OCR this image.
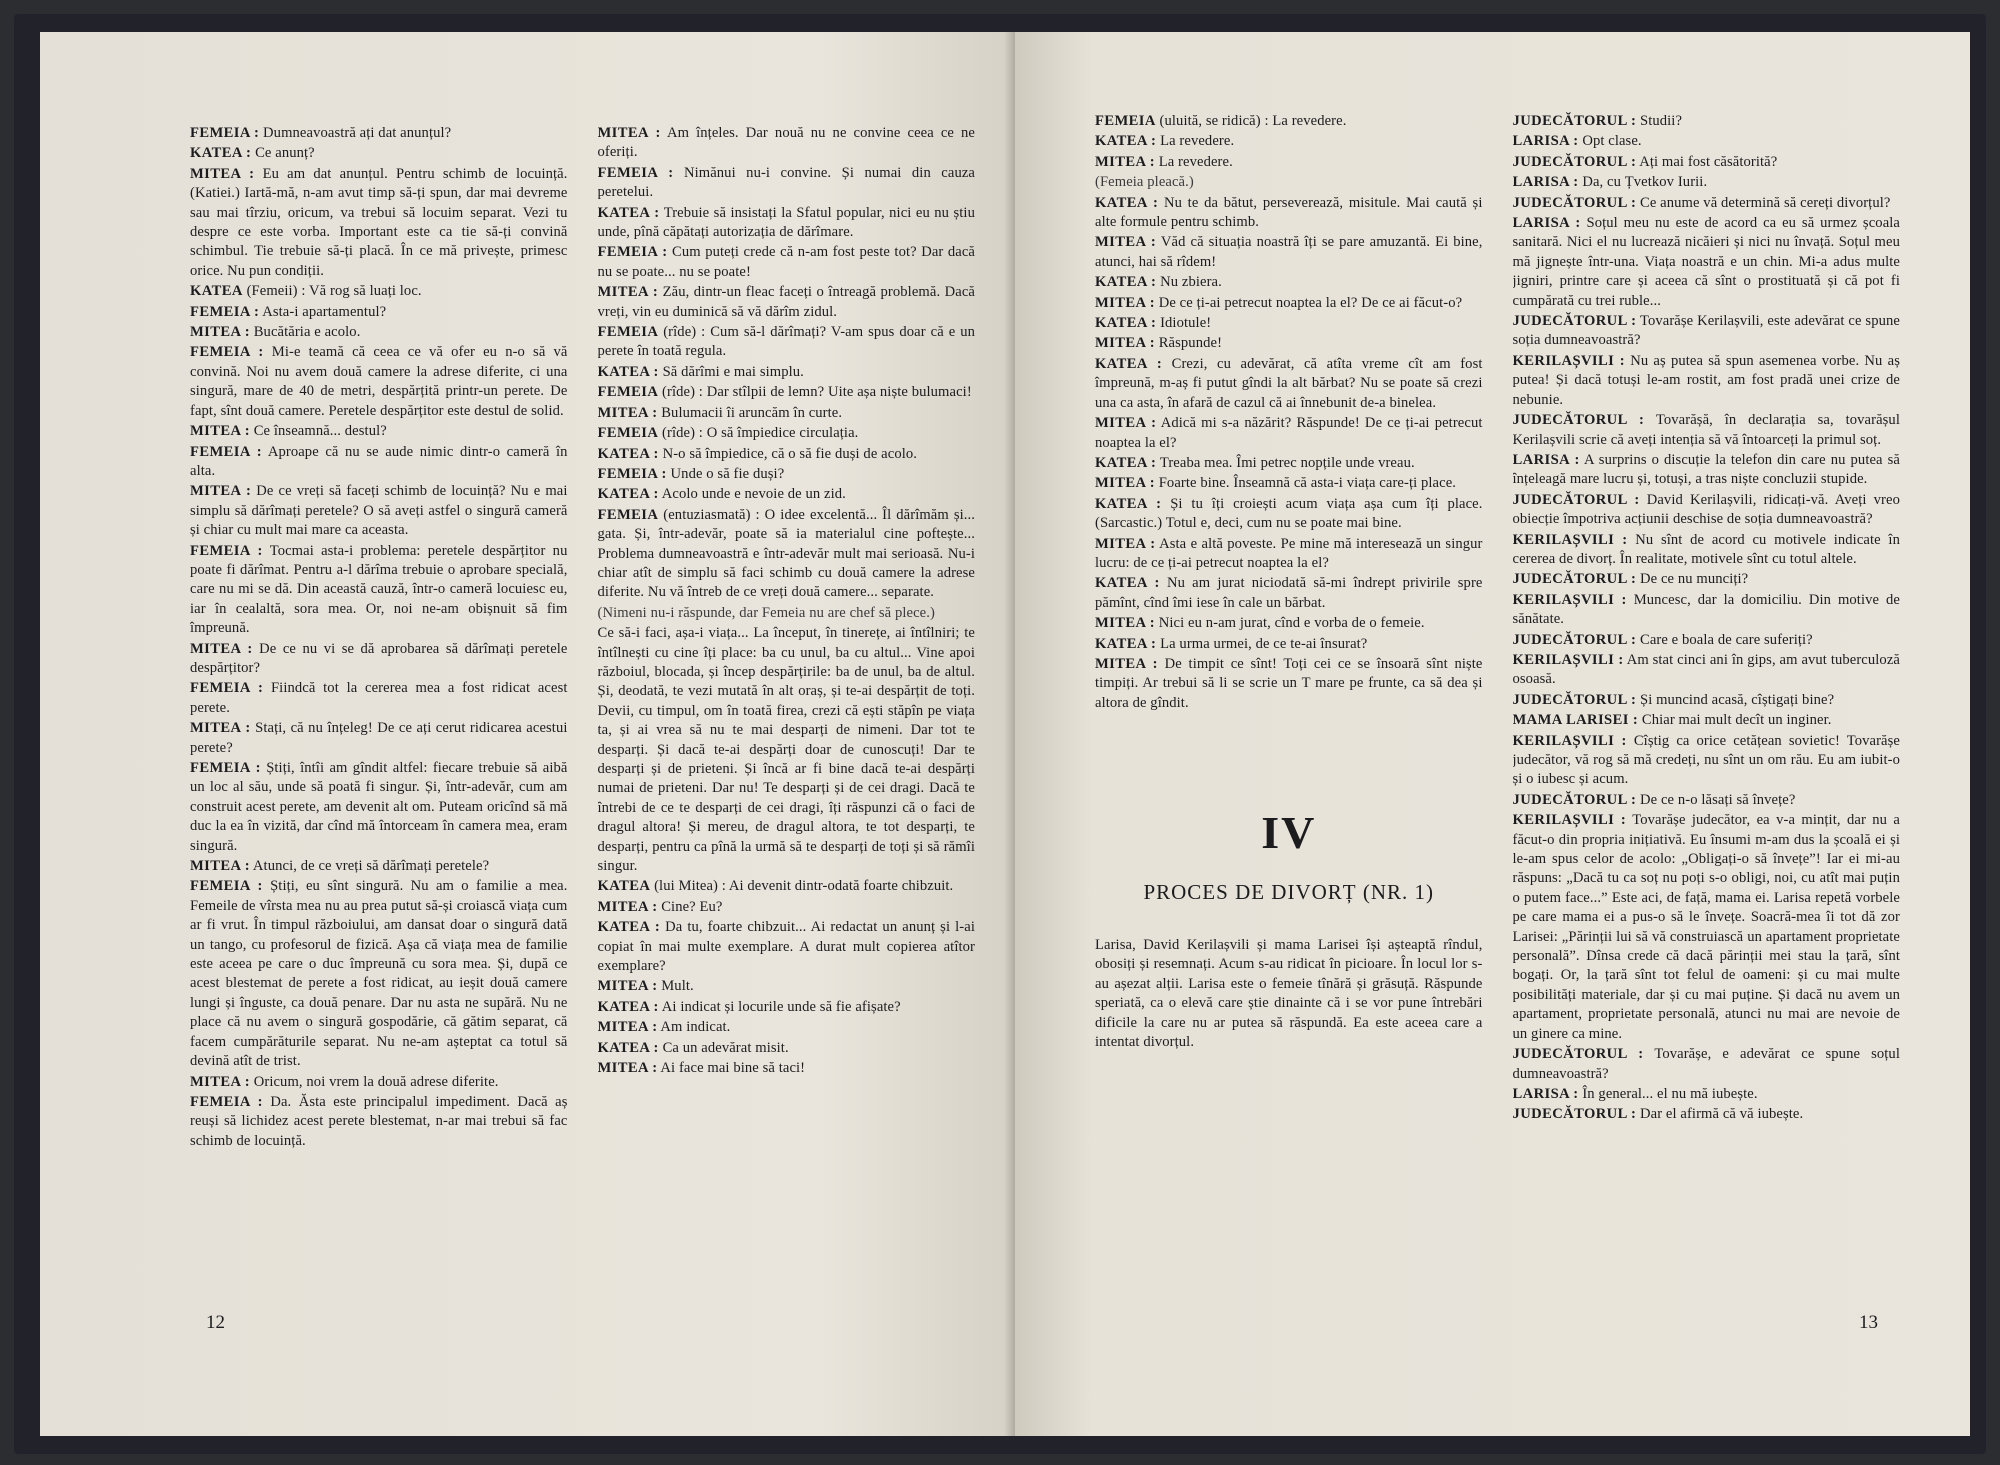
FEMEIA : Dumneavoastră ați dat anunțul?

KATEA : Ce anunț?

MITEA : Eu am dat anunțul. Pentru schimb de locuință. (Katiei.) Iartă-mă, n-am avut timp să-ți spun, dar mai devreme sau mai tîrziu, oricum, va trebui să locuim separat. Vezi tu despre ce este vorba. Important este ca tie să-ți convină schimbul. Tie trebuie să-ți placă. În ce mă privește, primesc orice. Nu pun condiții.

KATEA (Femeii) : Vă rog să luați loc.

FEMEIA : Asta-i apartamentul?

MITEA : Bucătăria e acolo.

FEMEIA : Mi-e teamă că ceea ce vă ofer eu n-o să vă convină. Noi nu avem două camere la adrese diferite, ci una singură, mare de 40 de metri, despărțită printr-un perete. De fapt, sînt două camere. Peretele despărțitor este destul de solid.

MITEA : Ce înseamnă... destul?

FEMEIA : Aproape că nu se aude nimic dintr-o cameră în alta.

MITEA : De ce vreți să faceți schimb de locuință? Nu e mai simplu să dărîmați peretele? O să aveți astfel o singură cameră și chiar cu mult mai mare ca aceasta.

FEMEIA : Tocmai asta-i problema: peretele despărțitor nu poate fi dărîmat. Pentru a-l dărîma trebuie o aprobare specială, care nu mi se dă. Din această cauză, într-o cameră locuiesc eu, iar în cealaltă, sora mea. Or, noi ne-am obișnuit să fim împreună.

MITEA : De ce nu vi se dă aprobarea să dărîmați peretele despărțitor?

FEMEIA : Fiindcă tot la cererea mea a fost ridicat acest perete.

MITEA : Stați, că nu înțeleg! De ce ați cerut ridicarea acestui perete?

FEMEIA : Știți, întîi am gîndit altfel: fiecare trebuie să aibă un loc al său, unde să poată fi singur. Și, într-adevăr, cum am construit acest perete, am devenit alt om. Puteam oricînd să mă duc la ea în vizită, dar cînd mă întorceam în camera mea, eram singură.

MITEA : Atunci, de ce vreți să dărîmați peretele?

FEMEIA : Știți, eu sînt singură. Nu am o familie a mea. Femeile de vîrsta mea nu au prea putut să-și croiască viața cum ar fi vrut. În timpul războiului, am dansat doar o singură dată un tango, cu profesorul de fizică. Așa că viața mea de familie este aceea pe care o duc împreună cu sora mea. Și, după ce acest blestemat de perete a fost ridicat, au ieșit două camere lungi și înguste, ca două penare. Dar nu asta ne supără. Nu ne place că nu avem o singură gospodărie, că gătim separat, că facem cumpărăturile separat. Nu ne-am așteptat ca totul să devină atît de trist.

MITEA : Oricum, noi vrem la două adrese diferite.

FEMEIA : Da. Ăsta este principalul impediment. Dacă aș reuși să lichidez acest perete blestemat, n-ar mai trebui să fac schimb de locuință.

MITEA : Am înțeles. Dar nouă nu ne convine ceea ce ne oferiți.

FEMEIA : Nimănui nu-i convine. Și numai din cauza peretelui.

KATEA : Trebuie să insistați la Sfatul popular, nici eu nu știu unde, pînă căpătați autorizația de dărîmare.

FEMEIA : Cum puteți crede că n-am fost peste tot? Dar dacă nu se poate... nu se poate!

MITEA : Zău, dintr-un fleac faceți o întreagă problemă. Dacă vreți, vin eu duminică să vă dărîm zidul.

FEMEIA (rîde) : Cum să-l dărîmați? V-am spus doar că e un perete în toată regula.

KATEA : Să dărîmi e mai simplu.

FEMEIA (rîde) : Dar stîlpii de lemn? Uite așa niște bulumaci!

MITEA : Bulumacii îi aruncăm în curte.

FEMEIA (rîde) : O să împiedice circulația.

KATEA : N-o să împiedice, că o să fie duși de acolo.

FEMEIA : Unde o să fie duși?

KATEA : Acolo unde e nevoie de un zid.

FEMEIA (entuziasmată) : O idee excelentă... Îl dărîmăm și... gata. Și, într-adevăr, poate să ia materialul cine poftește... Problema dumneavoastră e într-adevăr mult mai serioasă. Nu-i chiar atît de simplu să faci schimb cu două camere la adrese diferite. Nu vă întreb de ce vreți două camere... separate.

(Nimeni nu-i răspunde, dar Femeia nu are chef să plece.)

Ce să-i faci, așa-i viața... La început, în tinerețe, ai întîlniri; te întîlnești cu cine îți place: ba cu unul, ba cu altul... Vine apoi războiul, blocada, și încep despărțirile: ba de unul, ba de altul. Și, deodată, te vezi mutată în alt oraș, și te-ai despărțit de toți. Devii, cu timpul, om în toată firea, crezi că ești stăpîn pe viața ta, și ai vrea să nu te mai desparți de nimeni. Dar tot te desparți. Și dacă te-ai despărți doar de cunoscuți! Dar te desparți și de prieteni. Și încă ar fi bine dacă te-ai despărți numai de prieteni. Dar nu! Te desparți și de cei dragi. Dacă te întrebi de ce te desparți de cei dragi, îți răspunzi că o faci de dragul altora! Și mereu, de dragul altora, te tot desparți, te desparți, pentru ca pînă la urmă să te desparți de toți și să rămîi singur.

KATEA (lui Mitea) : Ai devenit dintr-odată foarte chibzuit.

MITEA : Cine? Eu?

KATEA : Da tu, foarte chibzuit... Ai redactat un anunț și l-ai copiat în mai multe exemplare. A durat mult copierea atîtor exemplare?

MITEA : Mult.

KATEA : Ai indicat și locurile unde să fie afișate?

MITEA : Am indicat.

KATEA : Ca un adevărat misit.

MITEA : Ai face mai bine să taci!

12

FEMEIA (uluită, se ridică) : La revedere.

KATEA : La revedere.

MITEA : La revedere.

(Femeia pleacă.)

KATEA : Nu te da bătut, perseverează, misitule. Mai caută și alte formule pentru schimb.

MITEA : Văd că situația noastră îți se pare amuzantă. Ei bine, atunci, hai să rîdem!

KATEA : Nu zbiera.

MITEA : De ce ți-ai petrecut noaptea la el? De ce ai făcut-o?

KATEA : Idiotule!

MITEA : Răspunde!

KATEA : Crezi, cu adevărat, că atîta vreme cît am fost împreună, m-aș fi putut gîndi la alt bărbat? Nu se poate să crezi una ca asta, în afară de cazul că ai înnebunit de-a binelea.

MITEA : Adică mi s-a năzărit? Răspunde! De ce ți-ai petrecut noaptea la el?

KATEA : Treaba mea. Îmi petrec nopțile unde vreau.

MITEA : Foarte bine. Înseamnă că asta-i viața care-ți place.

KATEA : Și tu îți croiești acum viața așa cum îți place. (Sarcastic.) Totul e, deci, cum nu se poate mai bine.

MITEA : Asta e altă poveste. Pe mine mă interesează un singur lucru: de ce ți-ai petrecut noaptea la el?

KATEA : Nu am jurat niciodată să-mi îndrept privirile spre pămînt, cînd îmi iese în cale un bărbat.

MITEA : Nici eu n-am jurat, cînd e vorba de o femeie.

KATEA : La urma urmei, de ce te-ai însurat?

MITEA : De timpit ce sînt! Toți cei ce se însoară sînt niște timpiți. Ar trebui să li se scrie un T mare pe frunte, ca să dea și altora de gîndit.

IV
PROCES DE DIVORȚ (NR. 1)
Larisa, David Kerilașvili și mama Larisei își așteaptă rîndul, obosiți și resemnați. Acum s-au ridicat în picioare. În locul lor s-au așezat alții. Larisa este o femeie tînără și grăsuță. Răspunde speriată, ca o elevă care știe dinainte că i se vor pune întrebări dificile la care nu ar putea să răspundă. Ea este aceea care a intentat divorțul.

JUDECĂTORUL : Studii?

LARISA : Opt clase.

JUDECĂTORUL : Ați mai fost căsătorită?

LARISA : Da, cu Țvetkov Iurii.

JUDECĂTORUL : Ce anume vă determină să cereți divorțul?

LARISA : Soțul meu nu este de acord ca eu să urmez școala sanitară. Nici el nu lucrează nicăieri și nici nu învață. Soțul meu mă jignește într-una. Viața noastră e un chin. Mi-a adus multe jigniri, printre care și aceea că sînt o prostituată și că pot fi cumpărată cu trei ruble...

JUDECĂTORUL : Tovarășe Kerilașvili, este adevărat ce spune soția dumneavoastră?

KERILAȘVILI : Nu aș putea să spun asemenea vorbe. Nu aș putea! Și dacă totuși le-am rostit, am fost pradă unei crize de nebunie.

JUDECĂTORUL : Tovarășă, în declarația sa, tovarășul Kerilașvili scrie că aveți intenția să vă întoarceți la primul soț.

LARISA : A surprins o discuție la telefon din care nu putea să înțeleagă mare lucru și, totuși, a tras niște concluzii stupide.

JUDECĂTORUL : David Kerilașvili, ridicați-vă. Aveți vreo obiecție împotriva acțiunii deschise de soția dumneavoastră?

KERILAȘVILI : Nu sînt de acord cu motivele indicate în cererea de divorț. În realitate, motivele sînt cu totul altele.

JUDECĂTORUL : De ce nu munciți?

KERILAȘVILI : Muncesc, dar la domiciliu. Din motive de sănătate.

JUDECĂTORUL : Care e boala de care suferiți?

KERILAȘVILI : Am stat cinci ani în gips, am avut tuberculoză osoasă.

JUDECĂTORUL : Și muncind acasă, cîștigați bine?

MAMA LARISEI : Chiar mai mult decît un inginer.

KERILAȘVILI : Cîștig ca orice cetățean sovietic! Tovarășe judecător, vă rog să mă credeți, nu sînt un om rău. Eu am iubit-o și o iubesc și acum.

JUDECĂTORUL : De ce n-o lăsați să învețe?

KERILAȘVILI : Tovarășe judecător, ea v-a mințit, dar nu a făcut-o din propria inițiativă. Eu însumi m-am dus la școală ei și le-am spus celor de acolo: „Obligați-o să învețe”! Iar ei mi-au răspuns: „Dacă tu ca soț nu poți s-o obligi, noi, cu atît mai puțin o putem face...” Este aci, de față, mama ei. Larisa repetă vorbele pe care mama ei a pus-o să le învețe. Soacră-mea îi tot dă zor Larisei: „Părinții lui să vă construiască un apartament proprietate personală”. Dînsa crede că dacă părinții mei stau la țară, sînt bogați. Or, la țară sînt tot felul de oameni: și cu mai multe posibilități materiale, dar și cu mai puține. Și dacă nu avem un apartament, proprietate personală, atunci nu mai are nevoie de un ginere ca mine.

JUDECĂTORUL : Tovarășe, e adevărat ce spune soțul dumneavoastră?

LARISA : În general... el nu mă iubește.

JUDECĂTORUL : Dar el afirmă că vă iubește.

13
